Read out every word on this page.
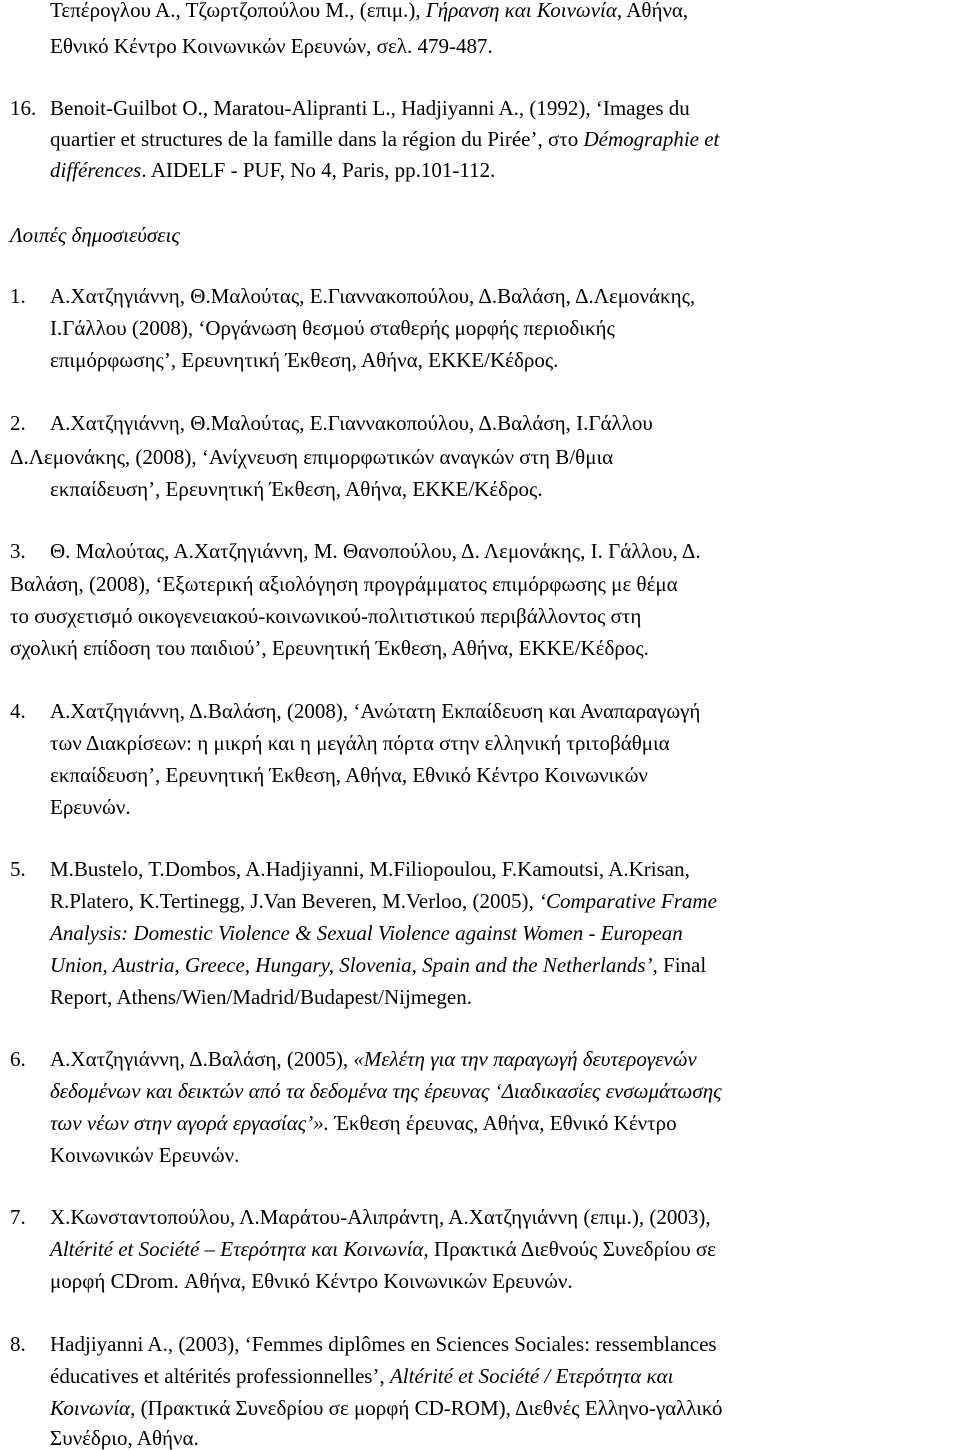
Τεπέρογλου Α., Τζωρτζοπούλου Μ., (επιμ.), Γήρανση και Κοινωνία, Αθήνα,
Εθνικό Κέντρο Κοινωνικών Ερευνών, σελ. 479-487.
16. Benoit-Guilbot O., Maratou-Alipranti L., Hadjiyanni A., (1992), ‘Images du
quartier et structures de la famille dans la région du Pirée’, στο Démographie et
différences. AIDELF - PUF, No 4, Paris, pp.101-112.
Λοιπές δημοσιεύσεις
1. Α.Χατζηγιάννη, Θ.Μαλούτας, Ε.Γιαννακοπούλου, Δ.Βαλάση, Δ.Λεμονάκης,
Ι.Γάλλου (2008), ‘Οργάνωση θεσμού σταθερής μορφής περιοδικής
επιμόρφωσης’, Ερευνητική Έκθεση, Αθήνα, ΕΚΚΕ/Κέδρος.
2. Α.Χατζηγιάννη, Θ.Μαλούτας, Ε.Γιαννακοπούλου, Δ.Βαλάση, Ι.Γάλλου
Δ.Λεμονάκης, (2008), ‘Ανίχνευση επιμορφωτικών αναγκών στη Β/θμια
εκπαίδευση’, Ερευνητική Έκθεση, Αθήνα, ΕΚΚΕ/Κέδρος.
3. Θ. Μαλούτας, Α.Χατζηγιάννη, Μ. Θανοπούλου, Δ. Λεμονάκης, Ι. Γάλλου, Δ.
Βαλάση, (2008), ‘Εξωτερική αξιολόγηση προγράμματος επιμόρφωσης με θέμα
το συσχετισμό οικογενειακού-κοινωνικού-πολιτιστικού περιβάλλοντος στη
σχολική επίδοση του παιδιού’, Ερευνητική Έκθεση, Αθήνα, ΕΚΚΕ/Κέδρος.
4. Α.Χατζηγιάννη, Δ.Βαλάση, (2008), ‘Ανώτατη Εκπαίδευση και Αναπαραγωγή
των Διακρίσεων: η μικρή και η μεγάλη πόρτα στην ελληνική τριτοβάθμια
εκπαίδευση’, Ερευνητική Έκθεση, Αθήνα, Εθνικό Κέντρο Κοινωνικών
Ερευνών.
5. M.Bustelo, T.Dombos, A.Hadjiyanni, M.Filiopoulou, F.Kamoutsi, A.Krisan,
R.Platero, K.Tertinegg, J.Van Beveren, M.Verloo, (2005), ‘Comparative Frame
Analysis: Domestic Violence & Sexual Violence against Women - European
Union, Austria, Greece, Hungary, Slovenia, Spain and the Netherlands’, Final
Report, Athens/Wien/Madrid/Budapest/Nijmegen.
6. Α.Χατζηγιάννη, Δ.Βαλάση, (2005), «Μελέτη για την παραγωγή δευτερογενών
δεδομένων και δεικτών από τα δεδομένα της έρευνας ‘Διαδικασίες ενσωμάτωσης
των νέων στην αγορά εργασίας’». Έκθεση έρευνας, Αθήνα, Εθνικό Κέντρο
Κοινωνικών Ερευνών.
7. Χ.Κωνσταντοπούλου, Λ.Μαράτου-Αλιπράντη, Α.Χατζηγιάννη (επιμ.), (2003),
Altérité et Société – Ετερότητα και Κοινωνία, Πρακτικά Διεθνούς Συνεδρίου σε
μορφή CDrom. Αθήνα, Εθνικό Κέντρο Κοινωνικών Ερευνών.
8. Hadjiyanni A., (2003), ‘Femmes diplômes en Sciences Sociales: ressemblances
éducatives et altérités professionnelles’, Altérité et Société / Ετερότητα και
Κοινωνία, (Πρακτικά Συνεδρίου σε μορφή CD-ROM), Διεθνές Ελληνο-γαλλικό
Συνέδριο, Αθήνα.
